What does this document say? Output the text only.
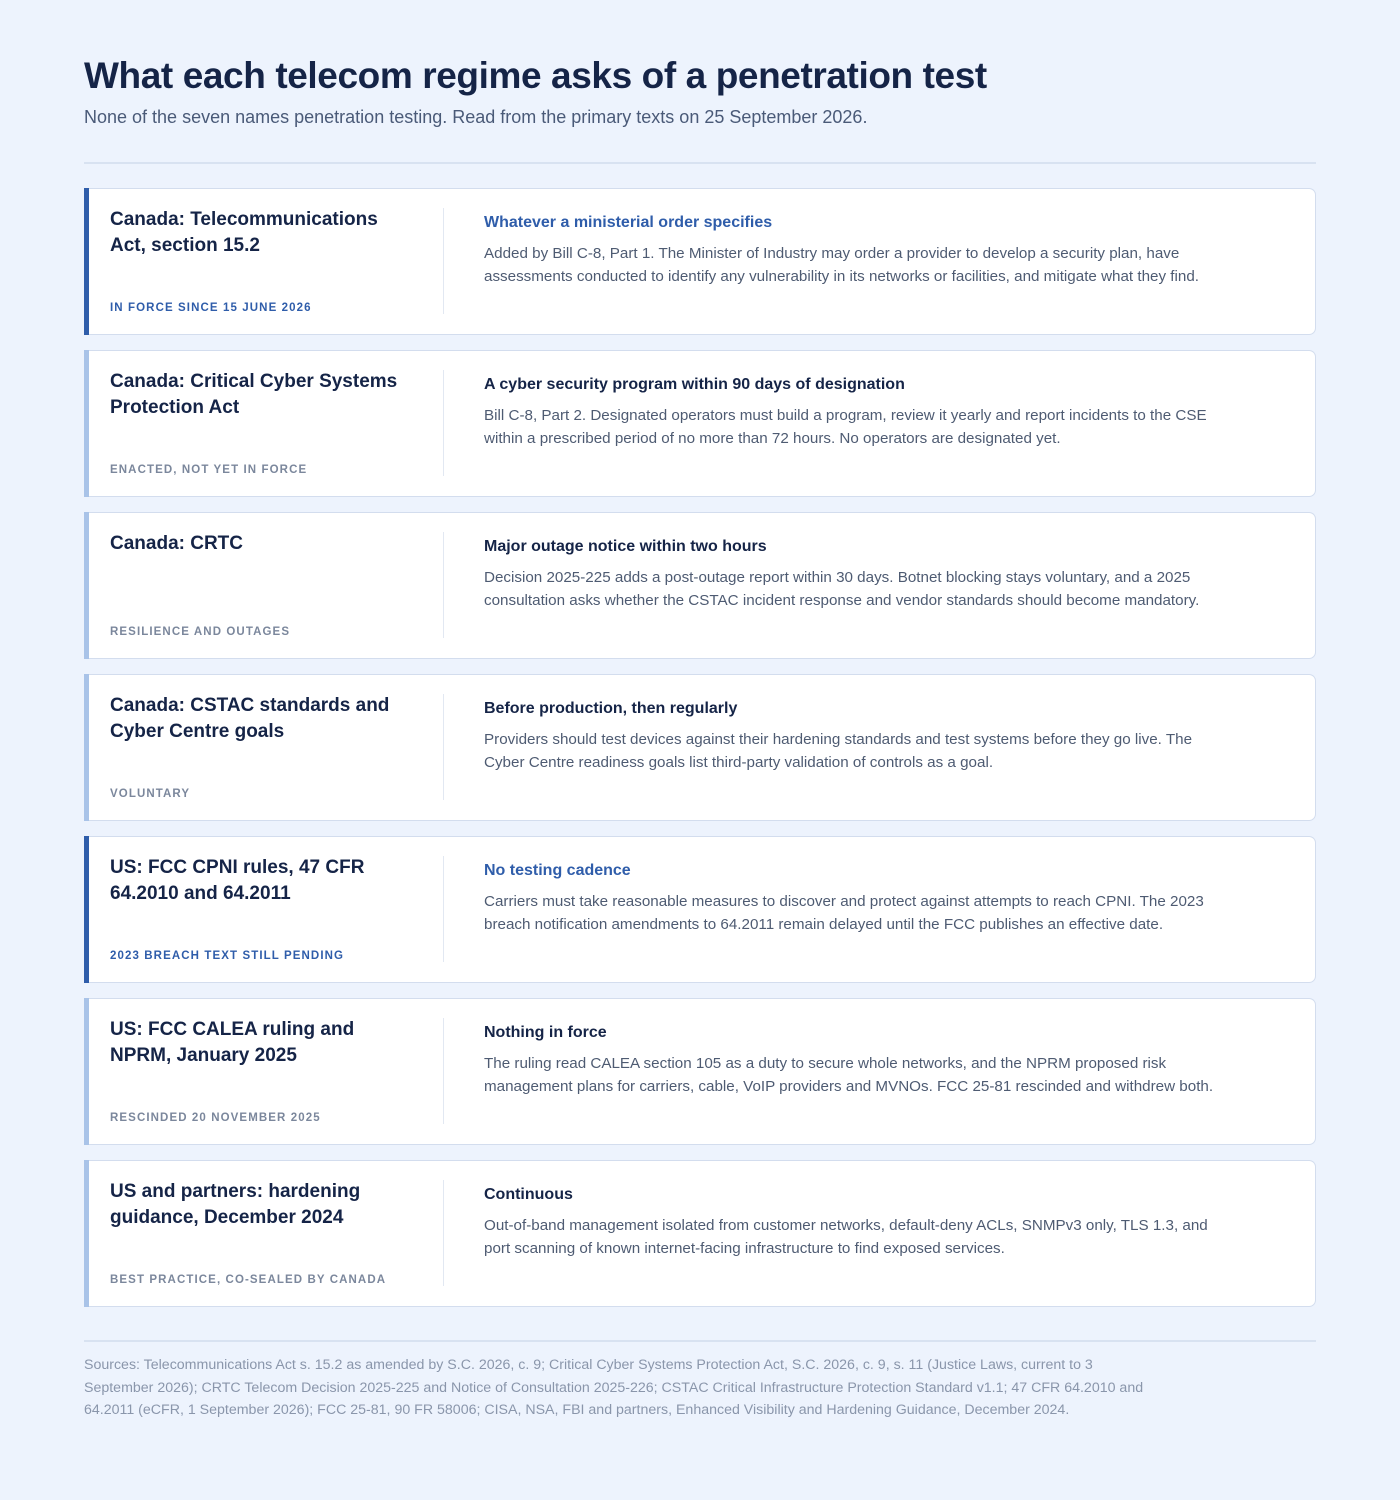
What each telecom regime asks of a penetration test
None of the seven names penetration testing. Read from the primary texts on 25 September 2026.
Canada: Telecommunications Act, section 15.2
IN FORCE SINCE 15 JUNE 2026
Whatever a ministerial order specifies
Added by Bill C-8, Part 1. The Minister of Industry may order a provider to develop a security plan, have assessments conducted to identify any vulnerability in its networks or facilities, and mitigate what they find.
Canada: Critical Cyber Systems Protection Act
ENACTED, NOT YET IN FORCE
A cyber security program within 90 days of designation
Bill C-8, Part 2. Designated operators must build a program, review it yearly and report incidents to the CSE within a prescribed period of no more than 72 hours. No operators are designated yet.
Canada: CRTC
RESILIENCE AND OUTAGES
Major outage notice within two hours
Decision 2025-225 adds a post-outage report within 30 days. Botnet blocking stays voluntary, and a 2025 consultation asks whether the CSTAC incident response and vendor standards should become mandatory.
Canada: CSTAC standards and Cyber Centre goals
VOLUNTARY
Before production, then regularly
Providers should test devices against their hardening standards and test systems before they go live. The Cyber Centre readiness goals list third-party validation of controls as a goal.
US: FCC CPNI rules, 47 CFR 64.2010 and 64.2011
2023 BREACH TEXT STILL PENDING
No testing cadence
Carriers must take reasonable measures to discover and protect against attempts to reach CPNI. The 2023 breach notification amendments to 64.2011 remain delayed until the FCC publishes an effective date.
US: FCC CALEA ruling and NPRM, January 2025
RESCINDED 20 NOVEMBER 2025
Nothing in force
The ruling read CALEA section 105 as a duty to secure whole networks, and the NPRM proposed risk management plans for carriers, cable, VoIP providers and MVNOs. FCC 25-81 rescinded and withdrew both.
US and partners: hardening guidance, December 2024
BEST PRACTICE, CO-SEALED BY CANADA
Continuous
Out-of-band management isolated from customer networks, default-deny ACLs, SNMPv3 only, TLS 1.3, and port scanning of known internet-facing infrastructure to find exposed services.
Sources: Telecommunications Act s. 15.2 as amended by S.C. 2026, c. 9; Critical Cyber Systems Protection Act, S.C. 2026, c. 9, s. 11 (Justice Laws, current to 3 September 2026); CRTC Telecom Decision 2025-225 and Notice of Consultation 2025-226; CSTAC Critical Infrastructure Protection Standard v1.1; 47 CFR 64.2010 and 64.2011 (eCFR, 1 September 2026); FCC 25-81, 90 FR 58006; CISA, NSA, FBI and partners, Enhanced Visibility and Hardening Guidance, December 2024.
